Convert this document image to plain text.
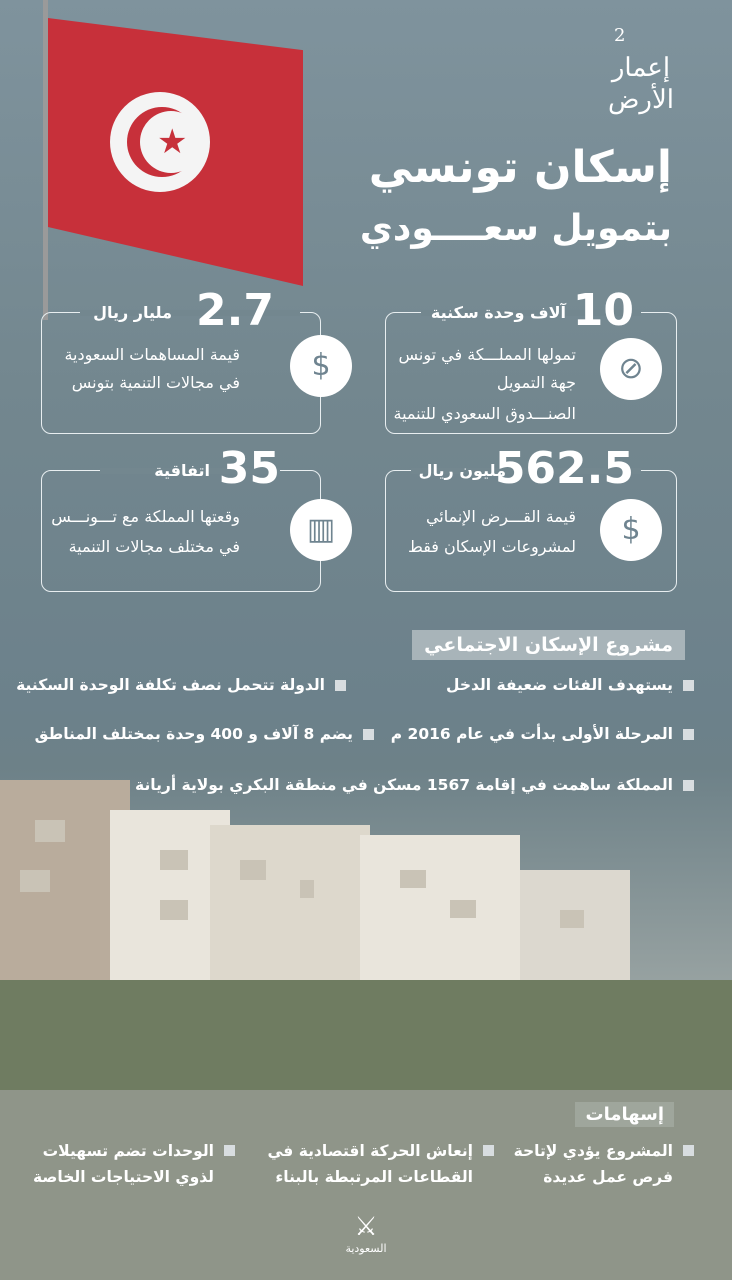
★
2
إعمار الأرض
إسكان تونسي
بتمويل سعــــودي
10
آلاف وحدة سكنية
تمولها المملـــكة في تونس
جهة التمويل
الصنـــدوق السعودي للتنمية
⊘
2.7
مليار ريال
قيمة المساهمات السعودية
في مجالات التنمية بتونس	$
562.5
مليون ريال
قيمة القـــرض الإنمائي
لمشروعات الإسكان فقط	$
35
اتفاقية
وقعتها المملكة مع تـــونـــس
في مختلف مجالات التنمية	▥
مشروع الإسكان الاجتماعي
يستهدف الفئات ضعيفة الدخل
الدولة تتحمل نصف تكلفة الوحدة السكنية
المرحلة الأولى بدأت في عام 2016 م
يضم 8 آلاف و 400 وحدة بمختلف المناطق
المملكة ساهمت في إقامة 1567 مسكن في منطقة البكري بولاية أريانة
إسهامات
المشروع يؤدي لإتاحة
فرص عمل عديدة
إنعاش الحركة اقتصادية في
القطاعات المرتبطة بالبناء
الوحدات تضم تسهيلات
لذوي الاحتياجات الخاصة
⚔
السعودية
